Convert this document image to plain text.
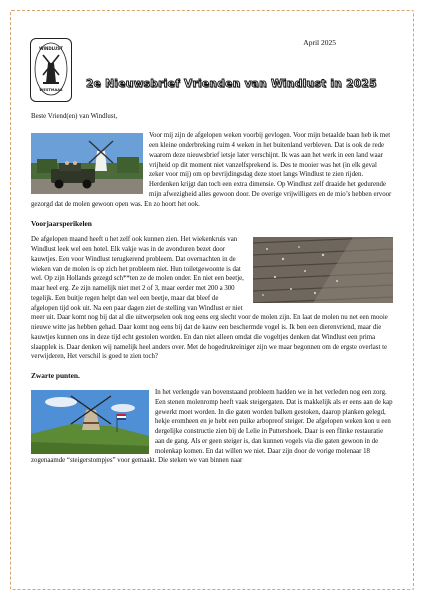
WINDLUST
WESTMAAS
April 2025
2e Nieuwsbrief Vrienden van Windlust in 2025

Beste Vriend(en) van Windlust,

Voor mij zijn de afgelopen weken voorbij gevlogen. Voor mijn betaalde baan heb ik met een kleine onderbreking ruim 4 weken in het buitenland verbleven. Dat is ook de rede waarom deze nieuwsbrief ietsje later verschijnt. Ik was aan het werk in een land waar vrijheid op dit moment niet vanzelfsprekend is. Des te mooier was het (in elk geval zeker voor mij) om op bevrijdingsdag deze stoet langs Windlust te zien rijden. Herdenken krijgt dan toch een extra dimensie. Op Windlust zelf draaide het gedurende mijn afwezigheid alles gewoon door. De overige vrijwilligers en de mio’s hebben ervoor gezorgd dat de molen gewoon open was. En zo hoort het ook.

Voorjaarsperikelen

De afgelopen maand heeft u het zelf ook kunnen zien. Het wiekenkruis van Windlust leek wel een hotel. Elk vakje was in de avonduren bezet door kauwtjes. Een voor Windlust terugkerend probleem. Dat overnachten in de wieken van de molen is op zich het probleem niet. Hun toiletgewoonte is dat wel. Op zijn Hollands gezegd sch**ten ze de molen onder. En niet een beetje, maar heel erg. Ze zijn namelijk niet met 2 of 3, maar eerder met 200 a 300 tegelijk. Een buitje regen helpt dan wel een beetje, maar dat bleef de afgelopen tijd ook uit. Na een paar dagen ziet de stelling van Windlust er niet meer uit. Daar komt nog bij dat al die uitwerpselen ook nog eens erg slecht voor de molen zijn. En laat de molen nu net een mooie nieuwe witte jas hebben gehad. Daar komt nog eens bij dat de kauw een beschermde vogel is. Ik ben een dierenvriend, maar die kauwtjes kunnen ons in deze tijd echt gestolen worden. En dan niet alleen omdat die vogeltjes denken dat Windlust een prima slaapplek is. Daar denken wij namelijk heel anders over. Met de hogedrukreiniger zijn we maar begonnen om de ergste overlast te verwijderen, Het verschil is goed te zien toch?

Zwarte punten.

In het verlengde van bovenstaand probleem hadden we in het verleden nog een zorg. Een stenen molenromp heeft vaak steigergaten. Dat is makkelijk als er eens aan de kap gewerkt moet worden. In die gaten worden balken gestoken, daarop planken gelegd, hekje eromheen en je hebt een puike arbopreof steiger. De afgelopen weken kon u een dergelijke constructie zien bij de Lelie in Puttershoek. Daar is een flinke restauratie aan de gang. Als er geen steiger is, dan kunnen vogels via die gaten gewoon in de molenkap komen. En dat willen we niet. Daar zijn door de vorige molenaar 18 zogenaamde “steigerstompjes” voor gemaakt. Die steken we van binnen naar
